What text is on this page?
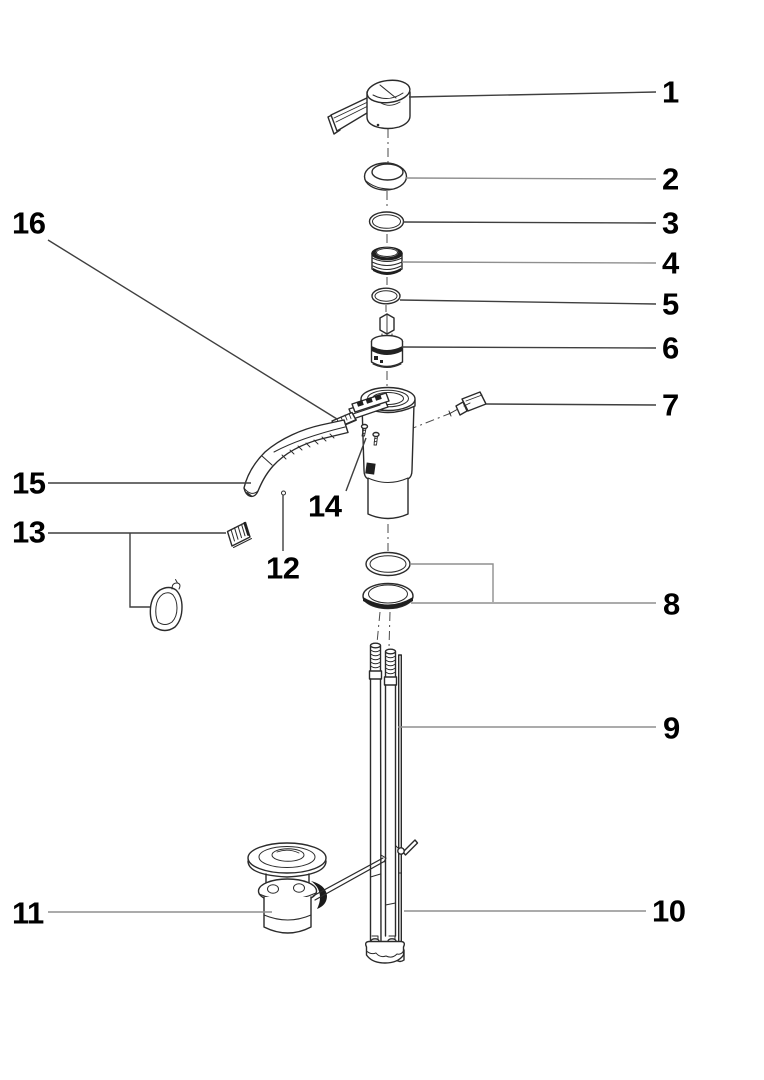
1
2
3
4
5
6
7
8
9
10
11
12
13
14
15
16
